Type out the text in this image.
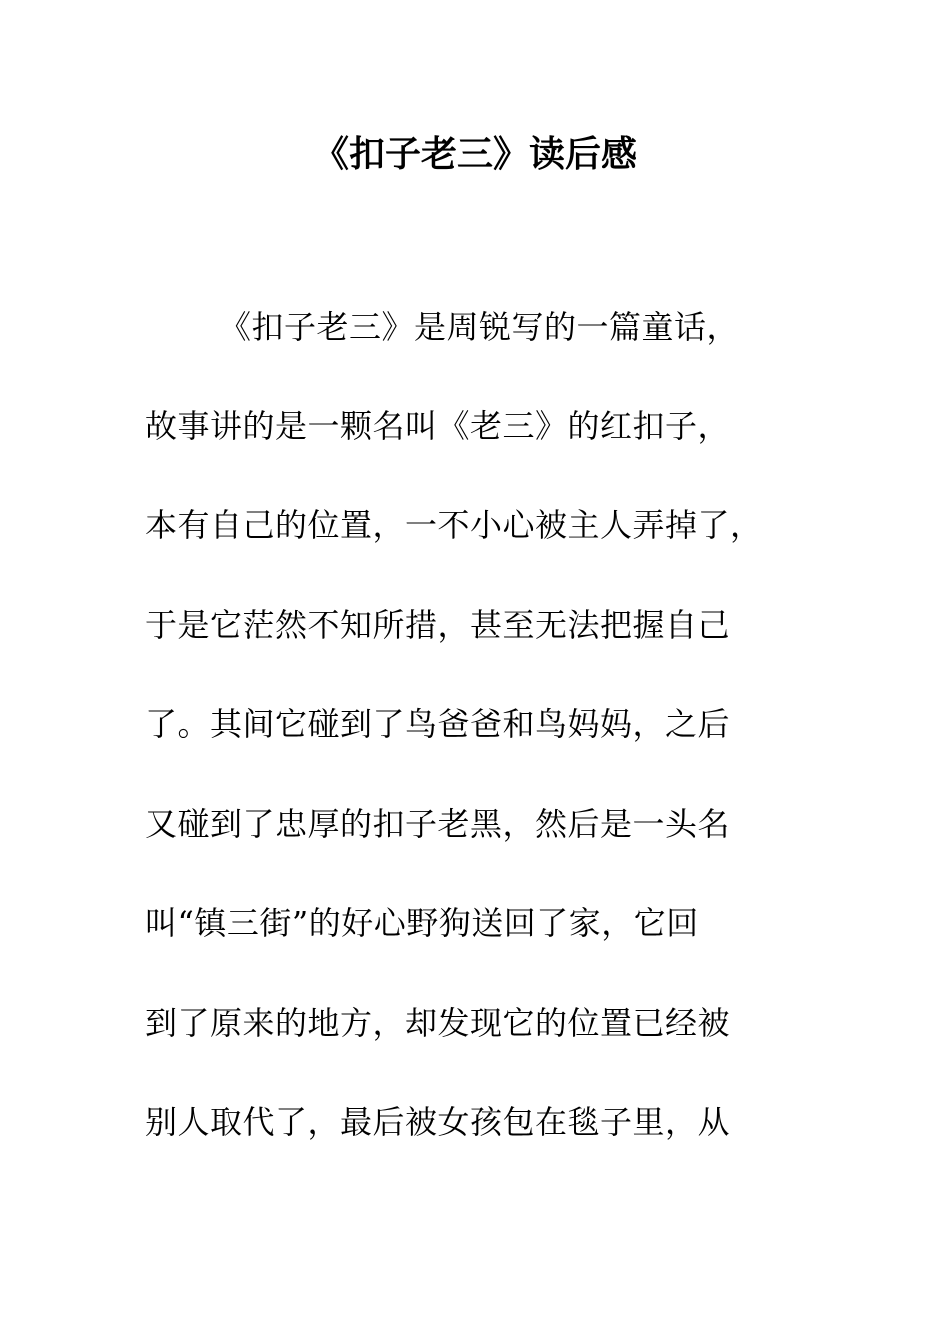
《扣子老三》读后感
《扣子老三》是周锐写的一篇童话，
故事讲的是一颗名叫《老三》的红扣子，
本有自己的位置，一不小心被主人弄掉了，
于是它茫然不知所措，甚至无法把握自己
了。其间它碰到了鸟爸爸和鸟妈妈，之后
又碰到了忠厚的扣子老黑，然后是一头名
叫“镇三街”的好心野狗送回了家，它回
到了原来的地方，却发现它的位置已经被
别人取代了，最后被女孩包在毯子里，从
